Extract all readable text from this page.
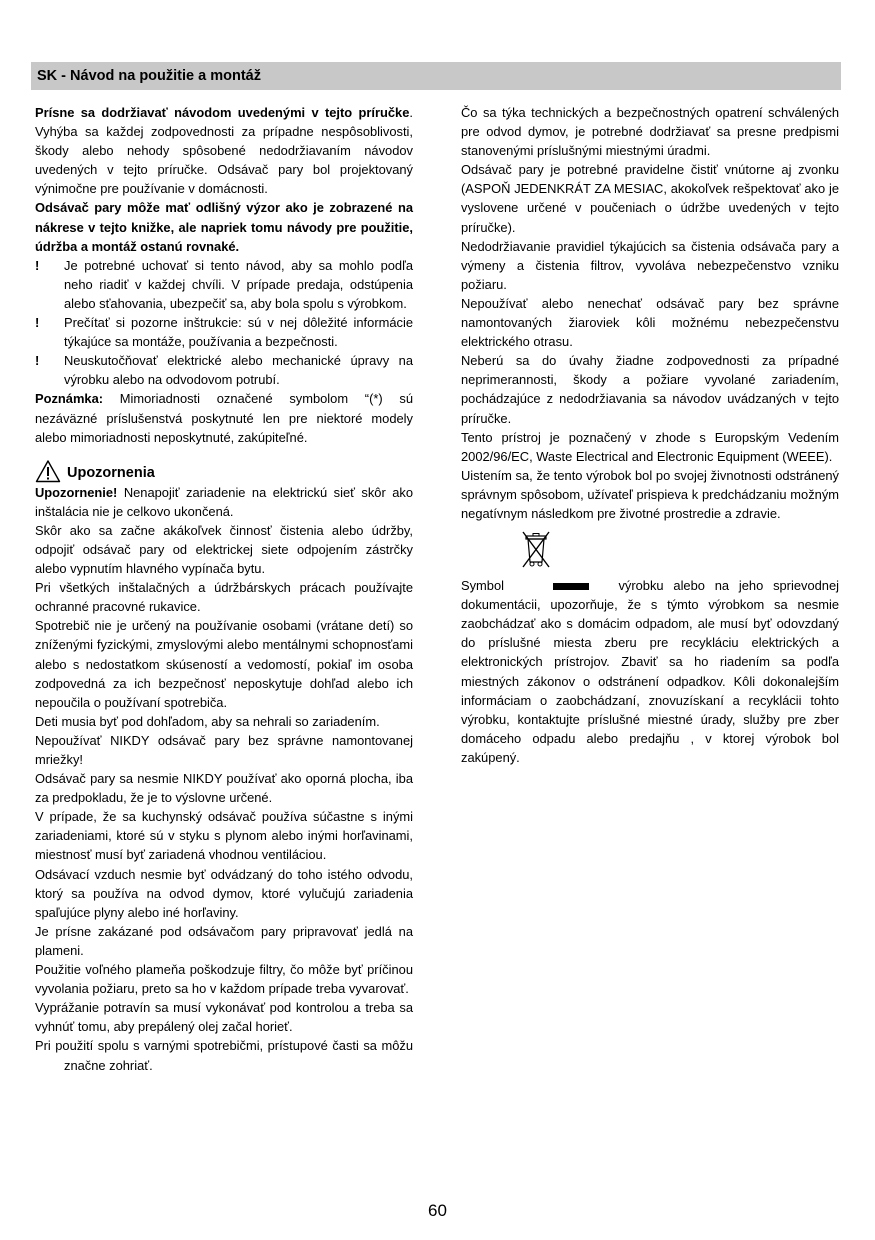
SK - Návod na použitie a montáž

Prísne sa dodržiavať návodom uvedenými v tejto príručke. Vyhýba sa každej zodpovednosti za prípadne nespôsoblivosti, škody alebo nehody spôsobené nedodržiavaním návodov uvedených v tejto príručke. Odsávač pary bol projektovaný výnimočne pre používanie v domácnosti.

Odsávač pary môže mať odlišný výzor ako je zobrazené na nákrese v tejto knižke, ale napriek tomu návody pre použitie, údržba a montáž ostanú rovnaké.

!	Je potrebné uchovať si tento návod, aby sa mohlo podľa neho riadiť v každej chvíli. V prípade predaja, odstúpenia alebo sťahovania, ubezpečiť sa, aby bola spolu s výrobkom.
!	Prečítať si pozorne inštrukcie: sú v nej dôležité informácie týkajúce sa montáže, používania a bezpečnosti.
!	Neuskutočňovať elektrické alebo mechanické úpravy na výrobku alebo na odvodovom potrubí.

Poznámka: Mimoriadnosti označené symbolom “(*) sú nezáväzné príslušenstvá poskytnuté len pre niektoré modely alebo mimoriadnosti neposkytnuté, zakúpiteľné.

Upozornenia

Upozornenie! Nenapojiť zariadenie na elektrickú sieť skôr ako inštalácia nie je celkovo ukončená.

Skôr ako sa začne akákoľvek činnosť čistenia alebo údržby, odpojiť odsávač pary od elektrickej siete odpojením zástrčky alebo vypnutím hlavného vypínača bytu.

Pri všetkých inštalačných a údržbárskych prácach používajte ochranné pracovné rukavice.

Spotrebič nie je určený na používanie osobami (vrátane detí) so zníženými fyzickými, zmyslovými alebo mentálnymi schopnosťami alebo s nedostatkom skúseností a vedomostí, pokiaľ im osoba zodpovedná za ich bezpečnosť neposkytuje dohľad alebo ich nepoučila o používaní spotrebiča.

Deti musia byť pod dohľadom, aby sa nehrali so zariadením.

Nepoužívať NIKDY odsávač pary bez správne namontovanej mriežky!

Odsávač pary sa nesmie NIKDY používať ako oporná plocha, iba za predpokladu, že je to výslovne určené.

V prípade, že sa kuchynský odsávač používa súčastne s inými zariadeniami, ktoré sú v styku s plynom alebo inými horľavinami, miestnosť musí byť zariadená vhodnou ventiláciou.

Odsávací vzduch nesmie byť odvádzaný do toho istého odvodu, ktorý sa používa na odvod dymov, ktoré vylučujú zariadenia spaľujúce plyny alebo iné horľaviny.

Je prísne zakázané pod odsávačom pary pripravovať jedlá na plameni.

Použitie voľného plameňa poškodzuje filtry, čo môže byť príčinou vyvolania požiaru, preto sa ho v každom prípade treba vyvarovať.

Vyprážanie potravín sa musí vykonávať pod kontrolou a treba sa vyhnúť tomu, aby prepálený olej začal horieť.

Pri použití spolu s varnými spotrebičmi, prístupové časti sa môžu značne zohriať.

Čo sa týka technických a bezpečnostných opatrení schválených pre odvod dymov, je potrebné dodržiavať sa presne predpismi stanovenými príslušnými miestnými úradmi.

Odsávač pary je potrebné pravidelne čistiť vnútorne aj zvonku (ASPOŇ JEDENKRÁT ZA MESIAC, akokoľvek rešpektovať ako je vyslovene určené v poučeniach o údržbe uvedených v tejto príručke).

Nedodržiavanie pravidiel týkajúcich sa čistenia odsávača pary a výmeny a čistenia filtrov, vyvoláva nebezpečenstvo vzniku požiaru.

Nepoužívať alebo nenechať odsávač pary bez správne namontovaných žiaroviek kôli možnému nebezpečenstvu elektrického otrasu.

Neberú sa do úvahy žiadne zodpovednosti za prípadné neprimerannosti, škody a požiare vyvolané zariadením, pochádzajúce z nedodržiavania sa návodov uvádzaných v tejto príručke.

Tento prístroj je poznačený v zhode s Europským Vedením 2002/96/EC, Waste Electrical and Electronic Equipment (WEEE).

Uistením sa, že tento výrobok bol po svojej živnotnosti odstránený správnym spôsobom, užívateľ prispieva k predchádzaniu možným negatívnym následkom pre životné prostredie a zdravie.

Symbol	výrobku alebo na jeho sprievodnej dokumentácii, upozorňuje, že s týmto výrobkom sa nesmie zaobchádzať ako s domácim odpadom, ale musí byť odovzdaný do príslušné miesta zberu pre recykláciu elektrických a elektronických prístrojov. Zbaviť sa ho riadením sa podľa miestných zákonov o odstránení odpadkov. Kôli dokonalejším informáciam o zaobchádzaní, znovuzískaní a recyklácii tohto výrobku, kontaktujte príslušné miestné úrady, služby pre zber domáceho odpadu alebo predajňu , v ktorej výrobok bol zakúpený.

60
